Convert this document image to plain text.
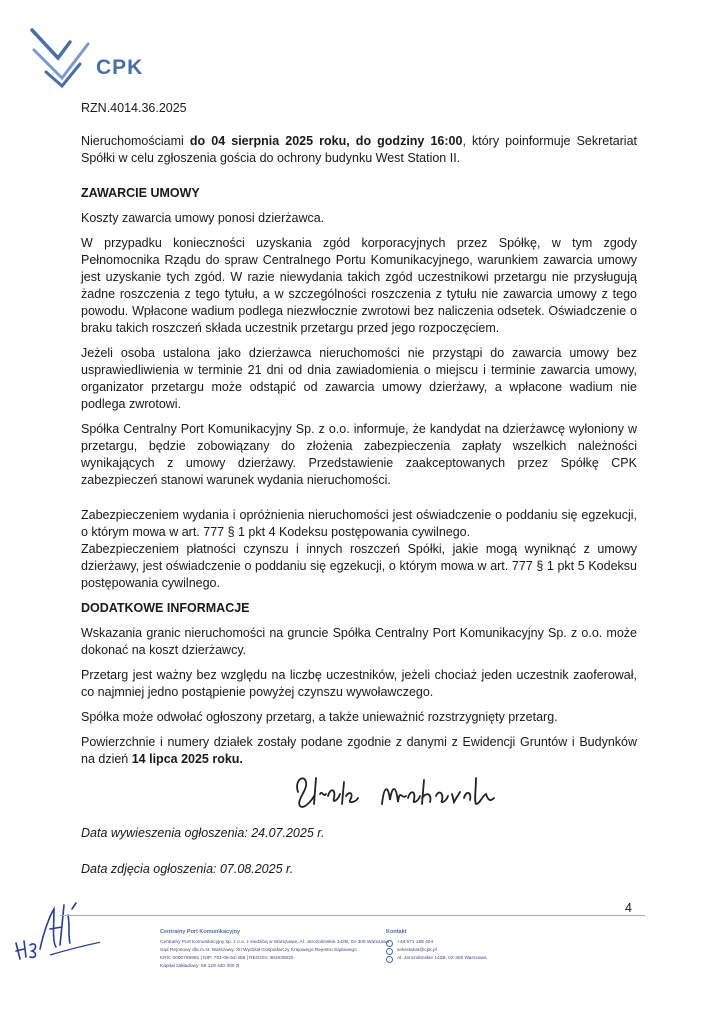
CPK
RZN.4014.36.2025

Nieruchomościami do 04 sierpnia 2025 roku, do godziny 16:00, który poinformuje Sekretariat Spółki w celu zgłoszenia gościa do ochrony budynku West Station II.

ZAWARCIE UMOWY

Koszty zawarcia umowy ponosi dzierżawca.

W przypadku konieczności uzyskania zgód korporacyjnych przez Spółkę, w tym zgody Pełnomocnika Rządu do spraw Centralnego Portu Komunikacyjnego, warunkiem zawarcia umowy jest uzyskanie tych zgód. W razie niewydania takich zgód uczestnikowi przetargu nie przysługują żadne roszczenia z tego tytułu, a w szczególności roszczenia z tytułu nie zawarcia umowy z tego powodu. Wpłacone wadium podlega niezwłocznie zwrotowi bez naliczenia odsetek. Oświadczenie o braku takich roszczeń składa uczestnik przetargu przed jego rozpoczęciem.

Jeżeli osoba ustalona jako dzierżawca nieruchomości nie przystąpi do zawarcia umowy bez usprawiedliwienia w terminie 21 dni od dnia zawiadomienia o miejscu i terminie zawarcia umowy, organizator przetargu może odstąpić od zawarcia umowy dzierżawy, a wpłacone wadium nie podlega zwrotowi.

Spółka Centralny Port Komunikacyjny Sp. z o.o. informuje, że kandydat na dzierżawcę wyłoniony w przetargu, będzie zobowiązany do złożenia zabezpieczenia zapłaty wszelkich należności wynikających z umowy dzierżawy. Przedstawienie zaakceptowanych przez Spółkę CPK zabezpieczeń stanowi warunek wydania nieruchomości.

Zabezpieczeniem wydania i opróżnienia nieruchomości jest oświadczenie o poddaniu się egzekucji, o którym mowa w art. 777 § 1 pkt 4 Kodeksu postępowania cywilnego.

Zabezpieczeniem płatności czynszu i innych roszczeń Spółki, jakie mogą wyniknąć z umowy dzierżawy, jest oświadczenie o poddaniu się egzekucji, o którym mowa w art. 777 § 1 pkt 5 Kodeksu postępowania cywilnego.

DODATKOWE INFORMACJE

Wskazania granic nieruchomości na gruncie Spółka Centralny Port Komunikacyjny Sp. z o.o. może dokonać na koszt dzierżawcy.

Przetarg jest ważny bez względu na liczbę uczestników, jeżeli chociaż jeden uczestnik zaoferował, co najmniej jedno postąpienie powyżej czynszu wywoławczego.

Spółka może odwołać ogłoszony przetarg, a także unieważnić rozstrzygnięty przetarg.

Powierzchnie i numery działek zostały podane zgodnie z danymi z Ewidencji Gruntów i Budynków na dzień 14 lipca 2025 roku.

Data wywieszenia ogłoszenia: 24.07.2025 r.
Data zdjęcia ogłoszenia: 07.08.2025 r.
4
Centralny Port Komunikacyjny
Centralny Port Komunikacyjny sp. z o.o. z siedzibą w Warszawie, Al. Jerozolimskie 142B, 02-305 Warszawa
Sąd Rejonowy dla m.st. Warszawy, XII Wydział Gospodarczy Krajowego Rejestru Sądowego
KRS: 0000759991 | NIP: 701-08-54-459 | REGON: 381930620
Kapitał zakładowy: 65 129 420 300 zł
Kontakt
+48 571 188 404
sekretariat@cpk.pl
Al. Jerozolimskie 142B, 02-305 Warszawa
